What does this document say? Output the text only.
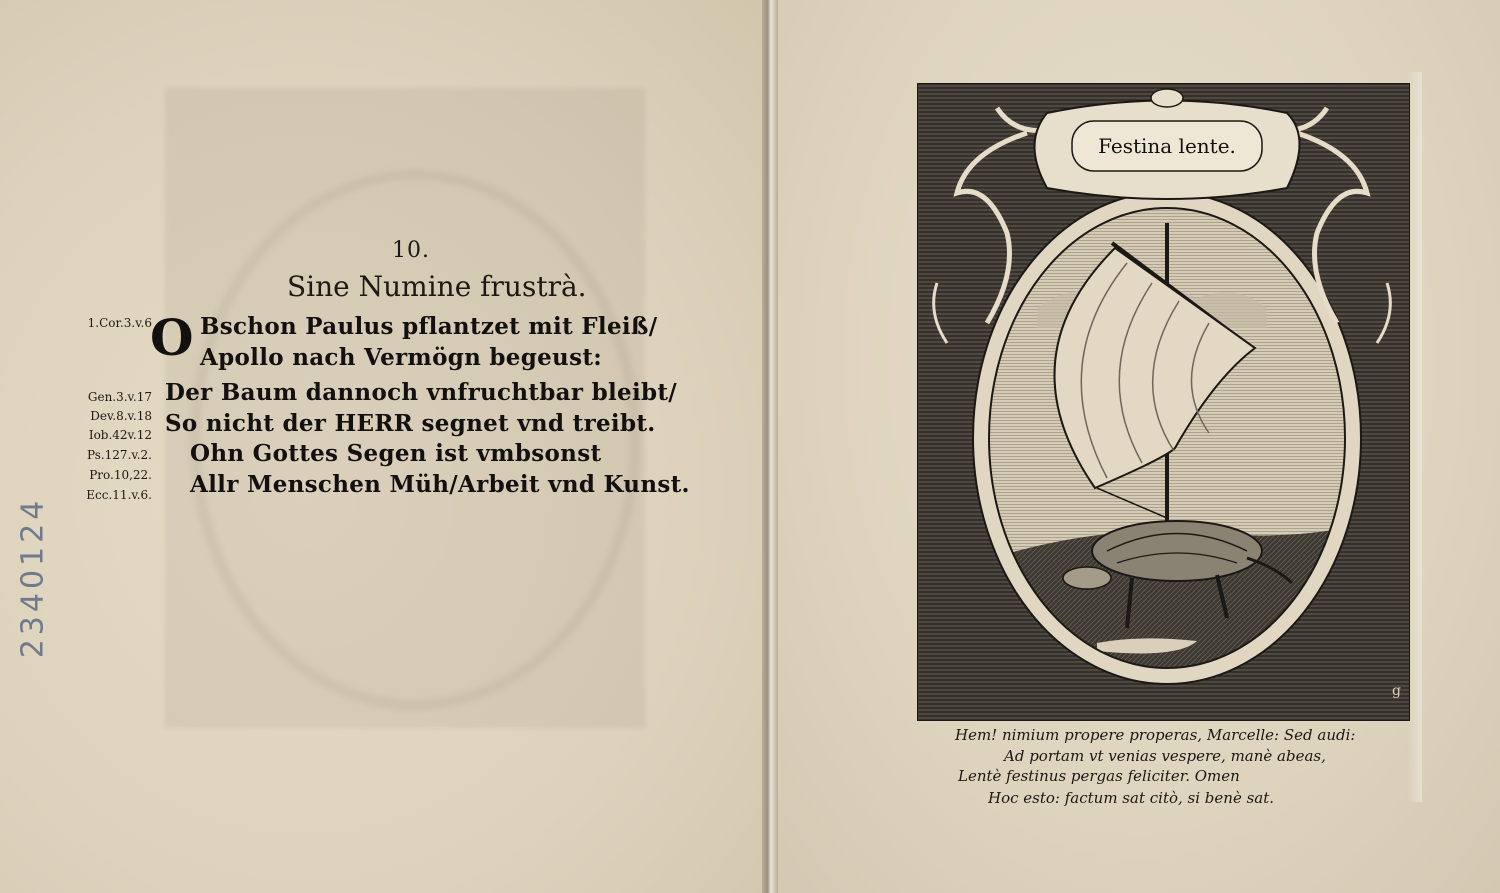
2340124
10.
Sine Numine frustrà.
1.Cor.3.v.6
Gen.3.v.17
Dev.8.v.18
Iob.42v.12
Ps.127.v.2.
Pro.10,22.
Ecc.11.v.6.
O Bschon Paulus pflantzet mit Fleiß/
Apollo nach Vermögn begeust:
Der Baum dannoch vnfruchtbar bleibt/
So nicht der HERR segnet vnd treibt.
Ohn Gottes Segen ist vmbsonst
Allr Menschen Müh/Arbeit vnd Kunst.
Festina lente.
g
Hem! nimium propere properas, Marcelle: Sed audi:
Ad portam vt venias vespere, manè abeas,
Lentè festinus pergas feliciter. Omen
Hoc esto: factum sat citò, si benè sat.
